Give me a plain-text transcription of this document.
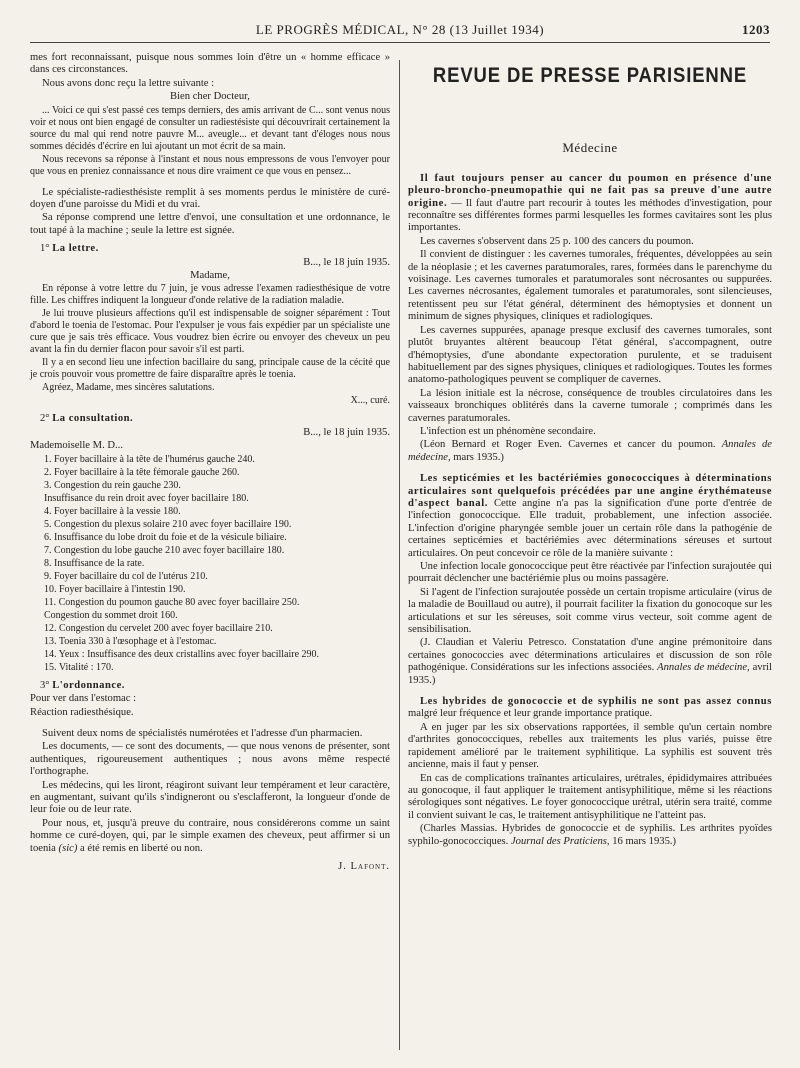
LE PROGRÈS MÉDICAL, N° 28 (13 Juillet 1934)	1203

mes fort reconnaissant, puisque nous sommes loin d'être un « homme efficace » dans ces circonstances.

Nous avons donc reçu la lettre suivante :

Bien cher Docteur,

... Voici ce qui s'est passé ces temps derniers, des amis arrivant de C... sont venus nous voir et nous ont bien engagé de consulter un radiestésiste qui découvrirait certainement la source du mal qui rend notre pauvre M... aveugle... et devant tant d'éloges nous nous sommes décidés d'écrire en lui ajoutant un mot écrit de sa main.

Nous recevons sa réponse à l'instant et nous nous empressons de vous l'envoyer pour que vous en preniez connaissance et nous dire vraiment ce que vous en pensez...

Le spécialiste-radiesthésiste remplit à ses moments perdus le ministère de curé-doyen d'une paroisse du Midi et du vrai.

Sa réponse comprend une lettre d'envoi, une consultation et une ordonnance, le tout tapé à la machine ; seule la lettre est signée.

1° La lettre.

B..., le 18 juin 1935.

Madame,

En réponse à votre lettre du 7 juin, je vous adresse l'examen radiesthésique de votre fille. Les chiffres indiquent la longueur d'onde relative de la radiation maladie.

Je lui trouve plusieurs affections qu'il est indispensable de soigner séparément : Tout d'abord le toenia de l'estomac. Pour l'expulser je vous fais expédier par un spécialiste une cure que je sais très efficace. Vous voudrez bien écrire ou envoyer des cheveux un peu avant la fin du dernier flacon pour savoir s'il est parti.

Il y a en second lieu une infection bacillaire du sang, principale cause de la cécité que je crois pouvoir vous promettre de faire disparaître après le toenia.

Agréez, Madame, mes sincères salutations.

X..., curé.

2° La consultation.

B..., le 18 juin 1935.

Mademoiselle M. D...

1. Foyer bacillaire à la tête de l'humérus gauche 240.

2. Foyer bacillaire à la tête fémorale gauche 260.

3. Congestion du rein gauche 230.

Insuffisance du rein droit avec foyer bacillaire 180.

4. Foyer bacillaire à la vessie 180.

5. Congestion du plexus solaire 210 avec foyer bacillaire 190.

6. Insuffisance du lobe droit du foie et de la vésicule biliaire.

7. Congestion du lobe gauche 210 avec foyer bacillaire 180.

8. Insuffisance de la rate.

9. Foyer bacillaire du col de l'utérus 210.

10. Foyer bacillaire à l'intestin 190.

11. Congestion du poumon gauche 80 avec foyer bacillaire 250.

Congestion du sommet droit 160.

12. Congestion du cervelet 200 avec foyer bacillaire 210.

13. Toenia 330 à l'œsophage et à l'estomac.

14. Yeux : Insuffisance des deux cristallins avec foyer bacillaire 290.

15. Vitalité : 170.

3° L'ordonnance.

Pour ver dans l'estomac :

Réaction radiesthésique.

Suivent deux noms de spécialistés numérotées et l'adresse d'un pharmacien.

Les documents, — ce sont des documents, — que nous venons de présenter, sont authentiques, rigoureusement authentiques ; nous avons même respecté l'orthographe.

Les médecins, qui les liront, réagiront suivant leur tempérament et leur caractère, en augmentant, suivant qu'ils s'indigneront ou s'esclafferont, la longueur d'onde de leur foie ou de leur rate.

Pour nous, et, jusqu'à preuve du contraire, nous considérerons comme un saint homme ce curé-doyen, qui, par le simple examen des cheveux, peut affirmer si un toenia (sic) a été remis en liberté ou non.

J. Lafont.

REVUE DE PRESSE PARISIENNE
Médecine

Il faut toujours penser au cancer du poumon en présence d'une pleuro-broncho-pneumopathie qui ne fait pas sa preuve d'une autre origine. — Il faut d'autre part recourir à toutes les méthodes d'investigation, pour reconnaître ses différentes formes parmi lesquelles les formes cavitaires sont les plus importantes.

Les cavernes s'observent dans 25 p. 100 des cancers du poumon.

Il convient de distinguer : les cavernes tumorales, fréquentes, développées au sein de la néoplasie ; et les cavernes paratumorales, rares, formées dans le parenchyme du voisinage. Les cavernes tumorales et paratumorales sont nécrosantes ou suppurées. Les cavernes nécrosantes, également tumorales et paratumorales, sont silencieuses, retentissent peu sur l'état général, déterminent des hémoptysies et donnent un minimum de signes physiques, cliniques et radiologiques.

Les cavernes suppurées, apanage presque exclusif des cavernes tumorales, sont plutôt bruyantes altèrent beaucoup l'état général, s'accompagnent, outre d'hémoptysies, d'une abondante expectoration purulente, et se traduisent habituellement par des signes physiques, cliniques et radiologiques. Toutes les formes anatomo-pathologiques peuvent se compliquer de cavernes.

La lésion initiale est la nécrose, conséquence de troubles circulatoires dans les vaisseaux bronchiques oblitérés dans la caverne tumorale ; comprimés dans les cavernes paratumorales.

L'infection est un phénomène secondaire.

(Léon Bernard et Roger Even. Cavernes et cancer du poumon. Annales de médecine, mars 1935.)

Les septicémies et les bactériémies gonococciques à déterminations articulaires sont quelquefois précédées par une angine érythémateuse d'aspect banal. Cette angine n'a pas la signification d'une porte d'entrée de l'infection gonococcique. Elle traduit, probablement, une infection associée. L'infection d'origine pharyngée semble jouer un certain rôle dans la pathogénie de certaines septicémies et bactériémies avec déterminations séreuses et surtout articulaires. On peut concevoir ce rôle de la manière suivante :

Une infection locale gonococcique peut être réactivée par l'infection surajoutée qui pourrait déclencher une bactériémie plus ou moins passagère.

Si l'agent de l'infection surajoutée possède un certain tropisme articulaire (virus de la maladie de Bouillaud ou autre), il pourrait faciliter la fixation du gonocoque sur les articulations et sur les séreuses, soit comme virus vecteur, soit comme agent de sensibilisation.

(J. Claudian et Valeriu Petresco. Constatation d'une angine prémonitoire dans certaines gonococcies avec déterminations articulaires et discussion de son rôle pathogénique. Considérations sur les infections associées. Annales de médecine, avril 1935.)

Les hybrides de gonococcie et de syphilis ne sont pas assez connus malgré leur fréquence et leur grande importance pratique.

A en juger par les six observations rapportées, il semble qu'un certain nombre d'arthrites gonococciques, rebelles aux traitements les plus variés, puisse être rapidement amélioré par le traitement syphilitique. La syphilis est souvent très ancienne, mais il faut y penser.

En cas de complications traînantes articulaires, urétrales, épididymaires attribuées au gonocoque, il faut appliquer le traitement antisyphilitique, même si les réactions sérologiques sont négatives. Le foyer gonococcique urétral, utérin sera traité, comme il convient suivant le cas, le traitement antisyphilitique ne l'atteint pas.

(Charles Massias. Hybrides de gonococcie et de syphilis. Les arthrites pyoïdes syphilo-gonococciques. Journal des Praticiens, 16 mars 1935.)
